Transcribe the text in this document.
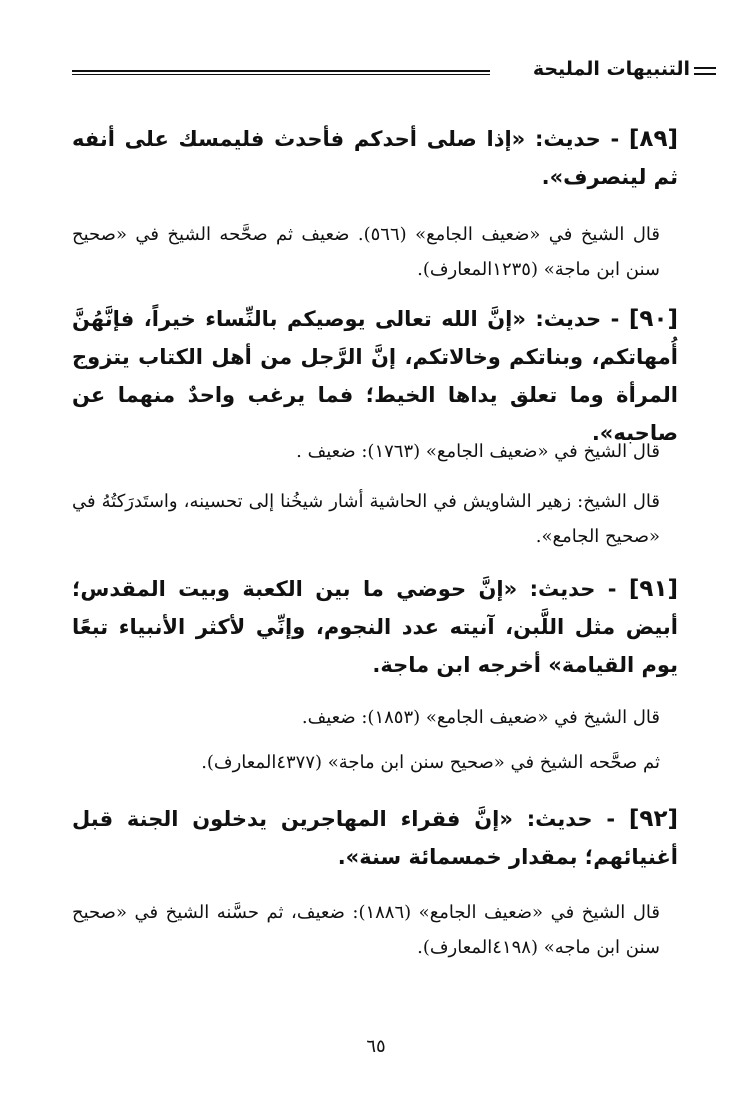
التنبيهات المليحة
[٨٩] - حديث: «إذا صلى أحدكم فأحدث فليمسك على أنفه ثم لينصرف».
قال الشيخ في «ضعيف الجامع» (٥٦٦). ضعيف ثم صحَّحه الشيخ في «صحيح سنن ابن ماجة» (١٢٣٥المعارف).
[٩٠] - حديث: «إنَّ الله تعالى يوصيكم بالنِّساء خيراً، فإنَّهُنَّ أُمهاتكم، وبناتكم وخالاتكم، إنَّ الرَّجل من أهل الكتاب يتزوج المرأة وما تعلق يداها الخيط؛ فما يرغب واحدٌ منهما عن صاحبه».
قال الشيخ في «ضعيف الجامع» (١٧٦٣): ضعيف .
قال الشيخ: زهير الشاويش في الحاشية أشار شيخُنا إلى تحسينه، واستَدرَكتُهُ في «صحيح الجامع».
[٩١] - حديث: «إنَّ حوضي ما بين الكعبة وبيت المقدس؛ أبيض مثل اللَّبن، آنيته عدد النجوم، وإنِّي لأكثر الأنبياء تبعًا يوم القيامة» أخرجه ابن ماجة.
قال الشيخ في «ضعيف الجامع» (١٨٥٣): ضعيف.
ثم صحَّحه الشيخ في «صحيح سنن ابن ماجة» (٤٣٧٧المعارف).
[٩٢] - حديث: «إنَّ فقراء المهاجرين يدخلون الجنة قبل أغنيائهم؛ بمقدار خمسمائة سنة».
قال الشيخ في «ضعيف الجامع» (١٨٨٦): ضعيف، ثم حسَّنه الشيخ في «صحيح سنن ابن ماجه» (٤١٩٨المعارف).
٦٥
